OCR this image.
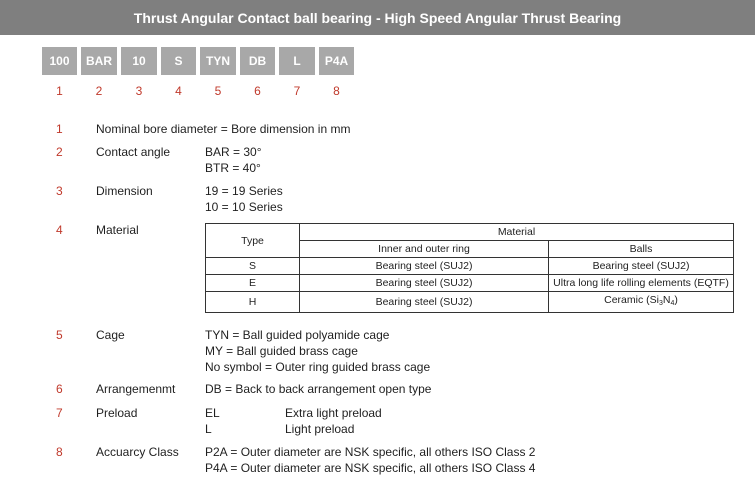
Thrust Angular Contact ball bearing - High Speed Angular Thrust Bearing
100	BAR	10	S	TYN	DB	L	P4A
1	2	3	4	5	6	7	8
1	Nominal bore diameter = Bore dimension in mm
2	Contact angle	BAR = 30°
BTR = 40°
3	Dimension	19 = 19 Series
10 = 10 Series
4	Material
Type	Material	
	Inner and outer ring	Balls
S	Bearing steel (SUJ2)	Bearing steel (SUJ2)
E	Bearing steel (SUJ2)	Ultra long life rolling elements (EQTF)
H	Bearing steel (SUJ2)	Ceramic $(Si_3N_4)$
5	Cage	TYN = Ball guided polyamide cage
MY = Ball guided brass cage
No symbol = Outer ring guided brass cage
6	Arrangemenmt DB = Back to back arrangement open type
7	Preload	EL	Extra light preload
L	Light preload
8	Accuarcy Class P2A = Outer diameter are NSK specific, all others ISO Class 2
P4A = Outer diameter are NSK specific, all others ISO Class 4
